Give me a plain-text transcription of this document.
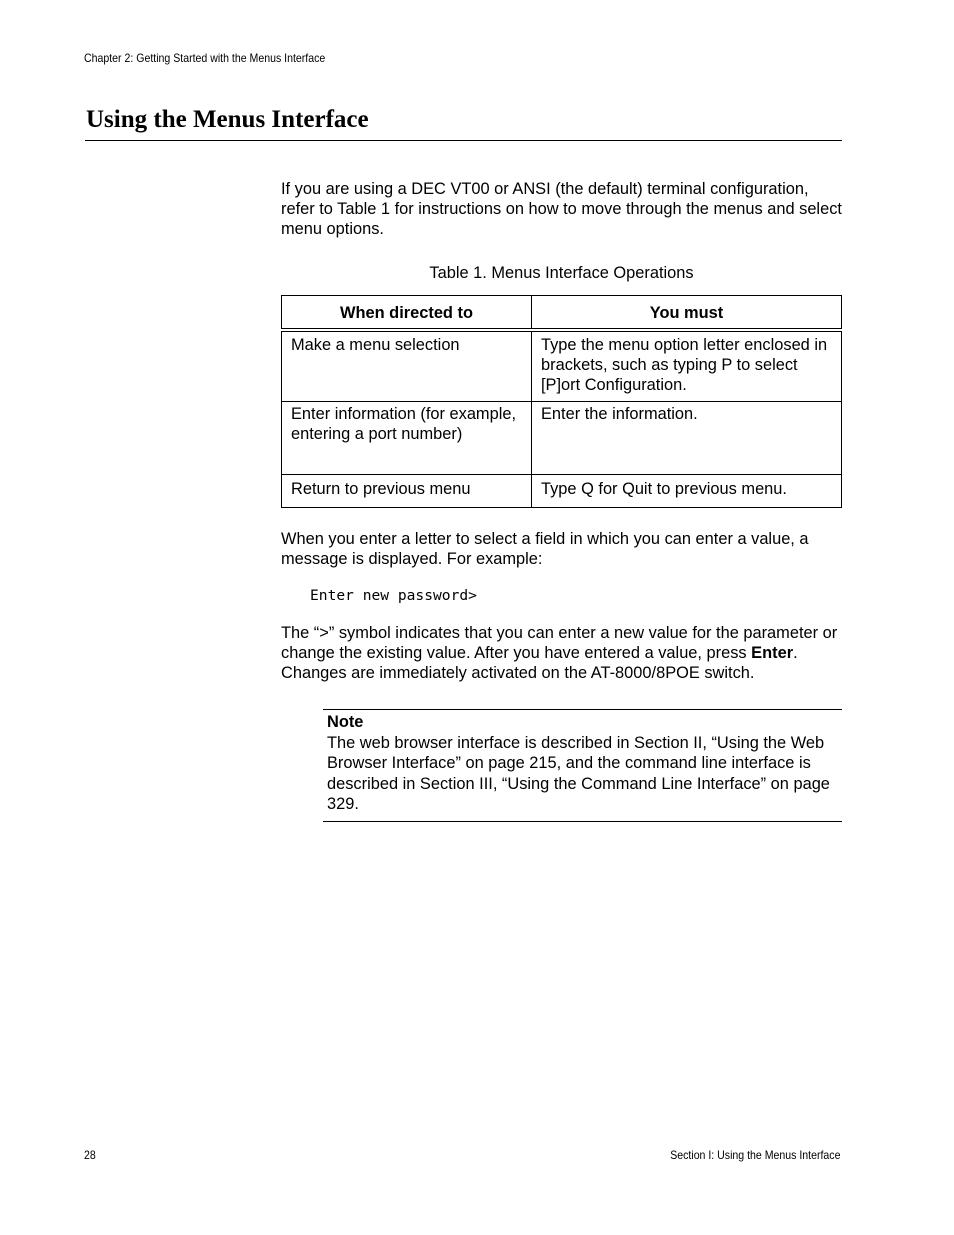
Chapter 2: Getting Started with the Menus Interface
Using the Menus Interface

If you are using a DEC VT00 or ANSI (the default) terminal configuration, refer to Table 1 for instructions on how to move through the menus and select menu options.

Table 1. Menus Interface Operations
When directed to	You must
Make a menu selection	Type the menu option letter enclosed in brackets, such as typing P to select [P]ort Configuration.
Enter information (for example, entering a port number)	Enter the information.
Return to previous menu	Type Q for Quit to previous menu.

When you enter a letter to select a field in which you can enter a value, a message is displayed. For example:

Enter new password>

The “>” symbol indicates that you can enter a new value for the parameter or change the existing value. After you have entered a value, press Enter. Changes are immediately activated on the AT-8000/8POE switch.

Note

The web browser interface is described in Section II, “Using the Web Browser Interface” on page 215, and the command line interface is described in Section III, “Using the Command Line Interface” on page 329.

28	Section I: Using the Menus Interface
